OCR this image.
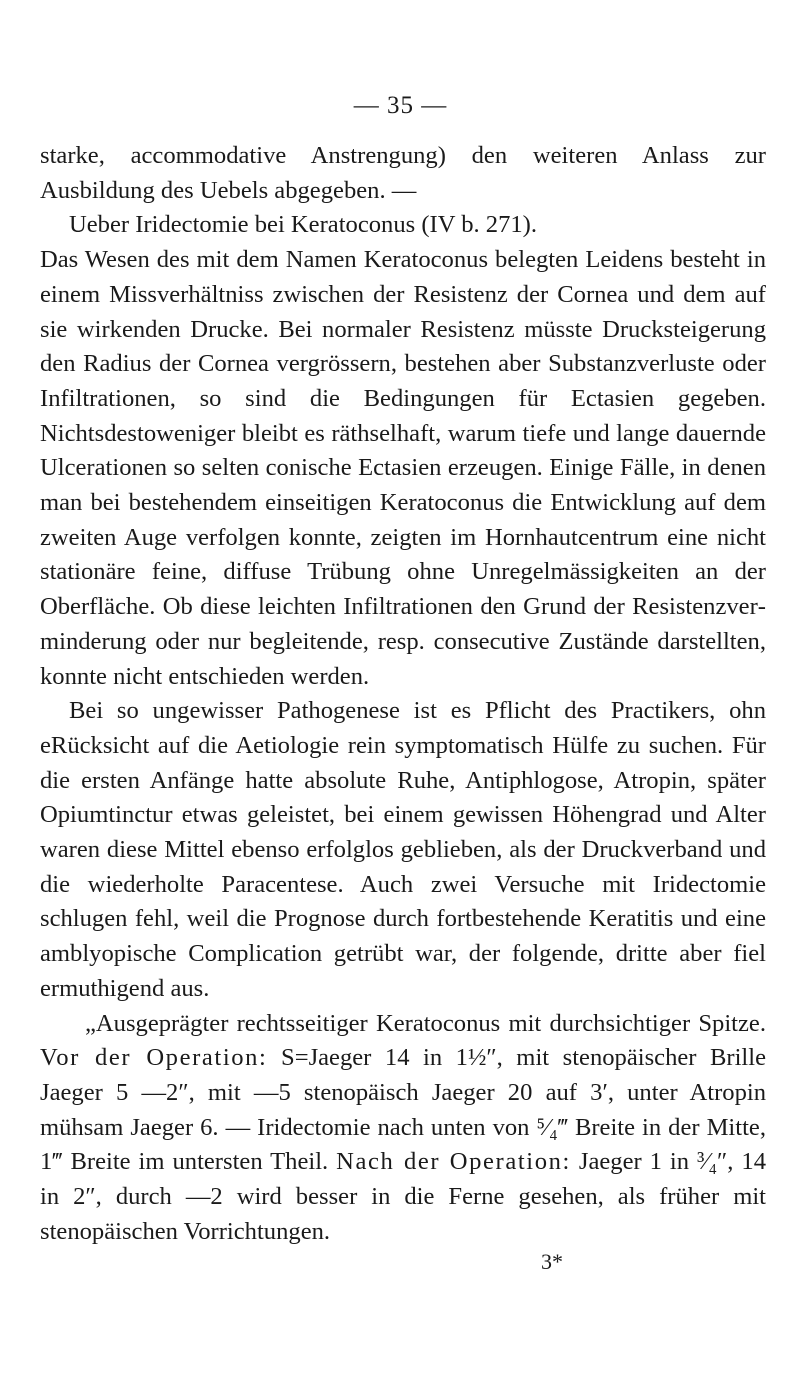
— 35 —

starke, accommodative Anstrengung) den weiteren Anlass zur Ausbildung des Uebels abgegeben. —

Ueber Iridectomie bei Keratoconus (IV b. 271).

Das Wesen des mit dem Namen Keratoconus belegten Leidens besteht in einem Missverhältniss zwischen der Resistenz der Cornea und dem auf sie wirkenden Drucke. Bei normaler Resistenz müsste Drucksteigerung den Radius der Cornea vergrössern, bestehen aber Substanzverluste oder Infiltrationen, so sind die Bedingungen für Ectasien gegeben. Nichtsdestoweniger bleibt es räthselhaft, warum tiefe und lange dauernde Ulcerationen so selten conische Ectasien erzeugen. Einige Fälle, in denen man bei bestehendem einseitigen Keratoconus die Entwicklung auf dem zweiten Auge verfolgen konnte, zeigten im Hornhautcentrum eine nicht stationäre feine, diffuse Trübung ohne Unregelmässigkeiten an der Oberfläche. Ob diese leichten Infiltrationen den Grund der Resistenzverminderung oder nur begleitende, resp. consecutive Zustände darstellten, konnte nicht entschieden werden.

Bei so ungewisser Pathogenese ist es Pflicht des Practikers, ohn eRücksicht auf die Aetiologie rein symptomatisch Hülfe zu suchen. Für die ersten Anfänge hatte absolute Ruhe, Antiphlogose, Atropin, später Opiumtinctur etwas geleistet, bei einem gewissen Höhengrad und Alter waren diese Mittel ebenso erfolglos geblieben, als der Druckverband und die wiederholte Paracentese. Auch zwei Versuche mit Iridectomie schlugen fehl, weil die Prognose durch fortbestehende Keratitis und eine amblyopische Complication getrübt war, der folgende, dritte aber fiel ermuthigend aus.

„Ausgeprägter rechtsseitiger Keratoconus mit durchsichtiger Spitze. Vor der Operation: S=Jaeger 14 in 1½″, mit stenopäischer Brille Jaeger 5 —2″, mit —5 stenopäisch Jaeger 20 auf 3′, unter Atropin mühsam Jaeger 6. — Iridectomie nach unten von ⁵⁄₄‴ Breite in der Mitte, 1‴ Breite im untersten Theil. Nach der Operation: Jaeger 1 in ³⁄₄″, 14 in 2″, durch —2 wird besser in die Ferne gesehen, als früher mit stenopäischen Vorrichtungen.

3*
